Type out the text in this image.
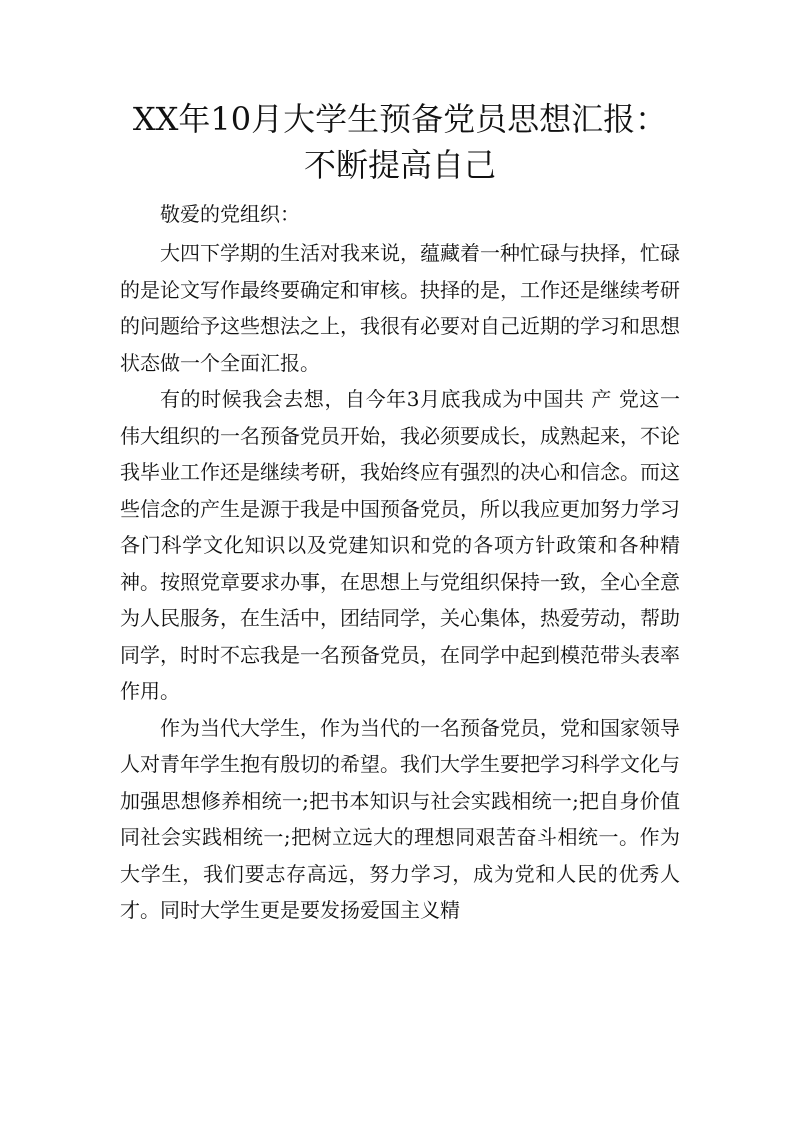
XX年10月大学生预备党员思想汇报：
不断提高自己

敬爱的党组织：

大四下学期的生活对我来说，蕴藏着一种忙碌与抉择，忙碌的是论文写作最终要确定和审核。抉择的是，工作还是继续考研的问题给予这些想法之上，我很有必要对自己近期的学习和思想状态做一个全面汇报。

有的时候我会去想，自今年3月底我成为中国共 产 党这一伟大组织的一名预备党员开始，我必须要成长，成熟起来，不论我毕业工作还是继续考研，我始终应有强烈的决心和信念。而这些信念的产生是源于我是中国预备党员，所以我应更加努力学习各门科学文化知识以及党建知识和党的各项方针政策和各种精神。按照党章要求办事，在思想上与党组织保持一致，全心全意为人民服务，在生活中，团结同学，关心集体，热爱劳动，帮助同学，时时不忘我是一名预备党员，在同学中起到模范带头表率作用。

作为当代大学生，作为当代的一名预备党员，党和国家领导人对青年学生抱有殷切的希望。我们大学生要把学习科学文化与加强思想修养相统一;把书本知识与社会实践相统一;把自身价值同社会实践相统一;把树立远大的理想同艰苦奋斗相统一。作为大学生，我们要志存高远，努力学习，成为党和人民的优秀人才。同时大学生更是要发扬爱国主义精
